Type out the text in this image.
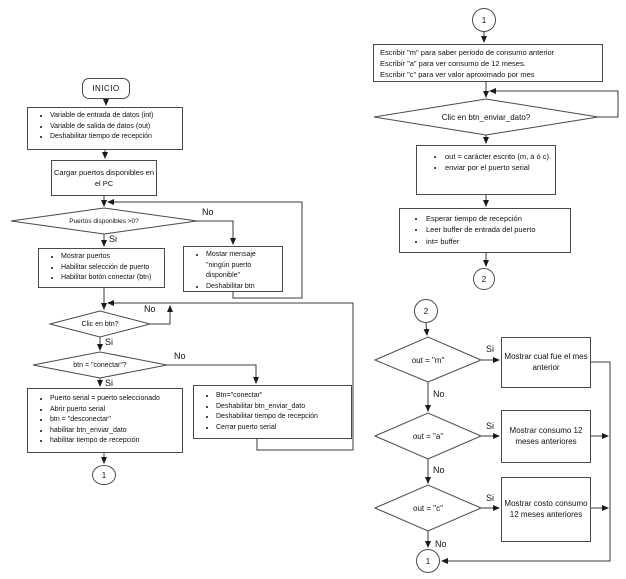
INICIO
• Variable de entrada de datos (int)
• Variable de salida de datos (out)
• Deshabilitar tiempo de recepción
Cargar puertos disponibles en el PC
Puertos disponibles >0?
• Mostrar puertos
• Habilitar selección de puerto
• Habilitar botón conectar (btn)
• Mostar mensaje "ningún puerto disponible"
• Deshabilitar btn
Clic en btn?
btn = "conectar"?
• Puerto serial = puerto seleccionado
• Abrir puerto serial
• btn = "desconectar"
• habilitar btn_enviar_dato
• habilitar tiempo de recepción
• Btn="conectar"
• Deshabilitar btn_enviar_dato
• Deshabilitar tiempo de recepción
• Cerrar puerto serial
1
Si
No
No
Si
No
Si
1
Escribir "m" para saber periodo de consumo anterior
Escribir "a" para ver consumo de 12 meses.
Escribir "c" para ver valor aproximado por mes
Clic en btn_enviar_dato?
• out = carácter escrito (m, a ó c).
• enviar por el puerto serial
• Esperar tiempo de recepción
• Leer buffer de entrada del puerto
• int= buffer
2
2
out = "m"
out = "a"
out = "c"
Mostrar cual fue el mes anterior
Mostrar consumo 12 meses anteriores
Mostrar costo consumo 12 meses anteriores
1
Si
No
Si
No
Si
No
